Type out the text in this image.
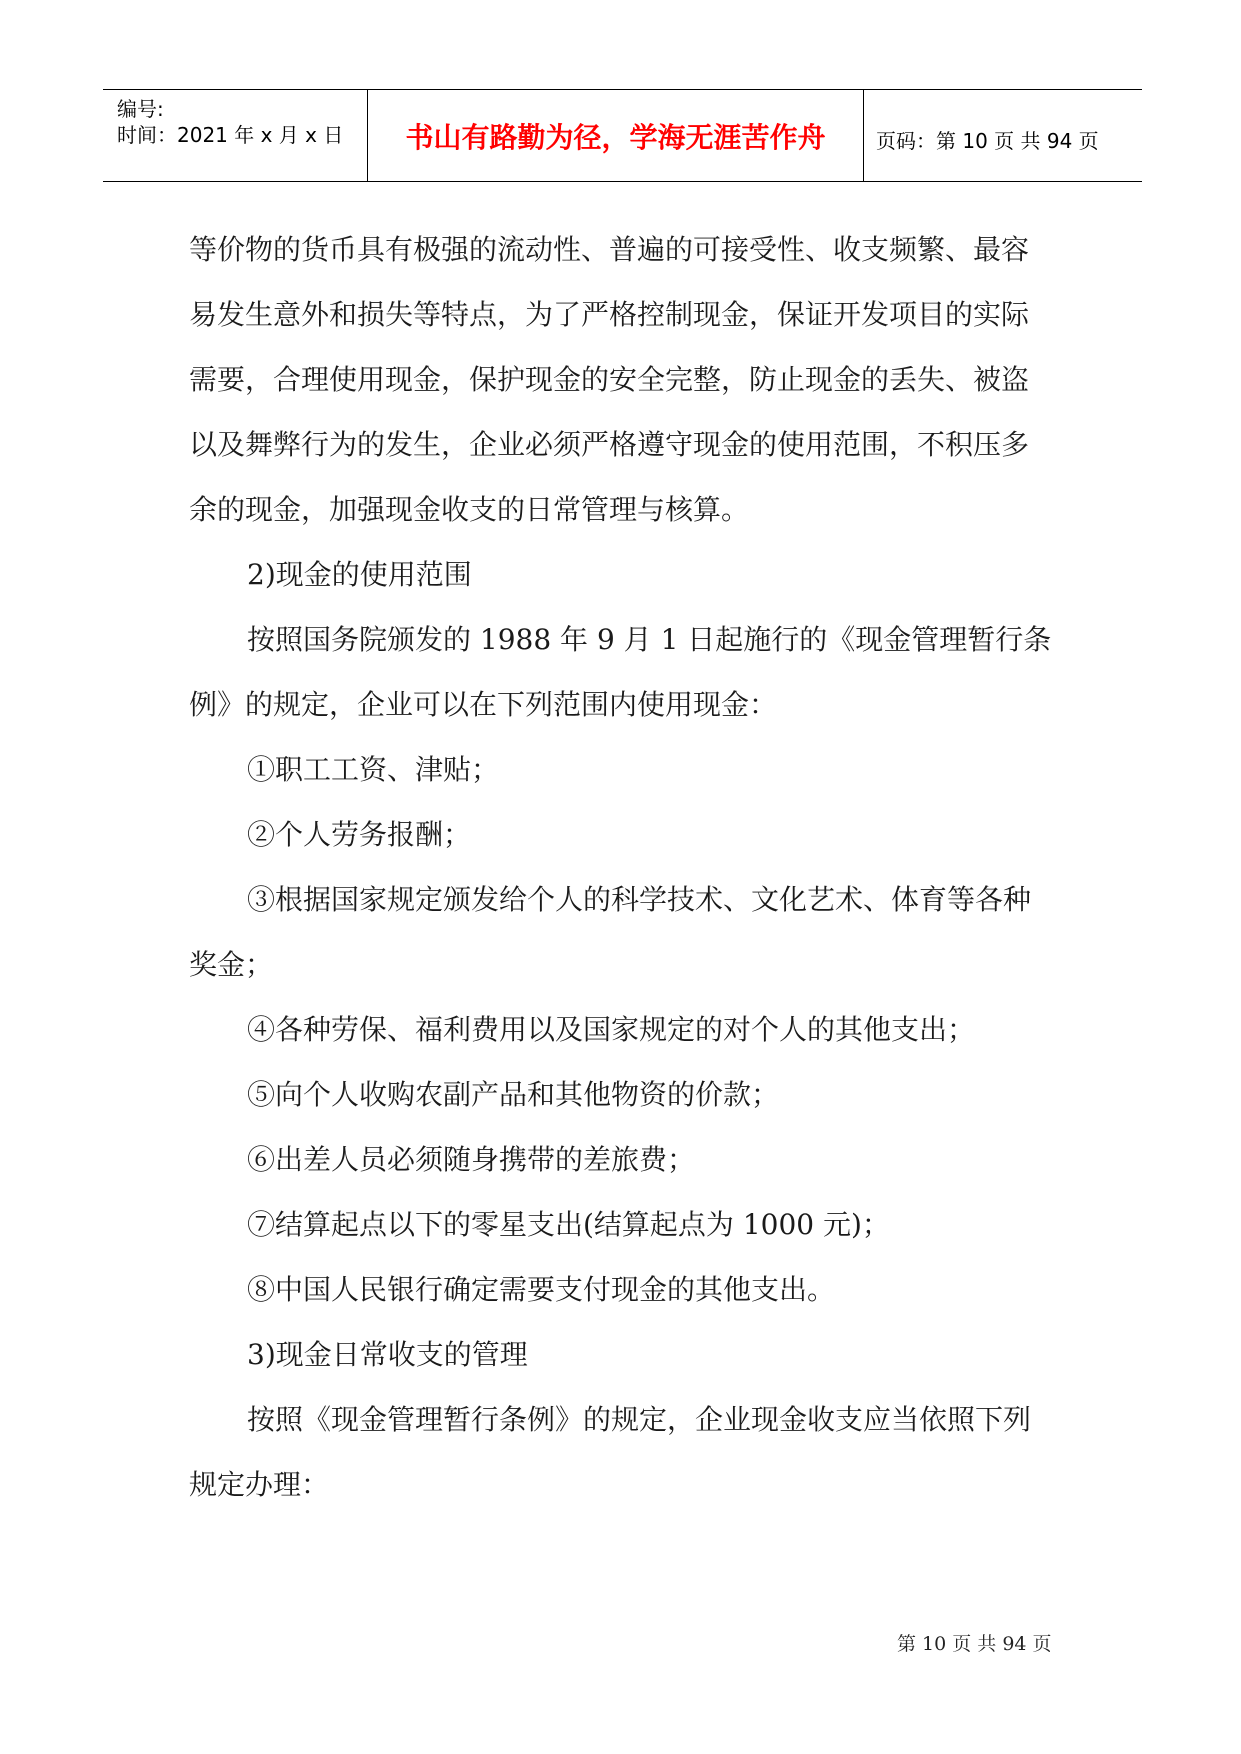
编号:
时间：2021 年 x 月 x 日	书山有路勤为径，学海无涯苦作舟	页码：第 10 页 共 94 页
等价物的货币具有极强的流动性、普遍的可接受性、收支频繁、最容
易发生意外和损失等特点，为了严格控制现金，保证开发项目的实际
需要，合理使用现金，保护现金的安全完整，防止现金的丢失、被盗
以及舞弊行为的发生，企业必须严格遵守现金的使用范围，不积压多
余的现金，加强现金收支的日常管理与核算。
2)现金的使用范围
按照国务院颁发的 1988 年 9 月 1 日起施行的《现金管理暂行条
例》的规定，企业可以在下列范围内使用现金：
①职工工资、津贴；
②个人劳务报酬；
③根据国家规定颁发给个人的科学技术、文化艺术、体育等各种
奖金；
④各种劳保、福利费用以及国家规定的对个人的其他支出；
⑤向个人收购农副产品和其他物资的价款；
⑥出差人员必须随身携带的差旅费；
⑦结算起点以下的零星支出(结算起点为 1000 元)；
⑧中国人民银行确定需要支付现金的其他支出。
3)现金日常收支的管理
按照《现金管理暂行条例》的规定，企业现金收支应当依照下列
规定办理：
第 10 页 共 94 页
